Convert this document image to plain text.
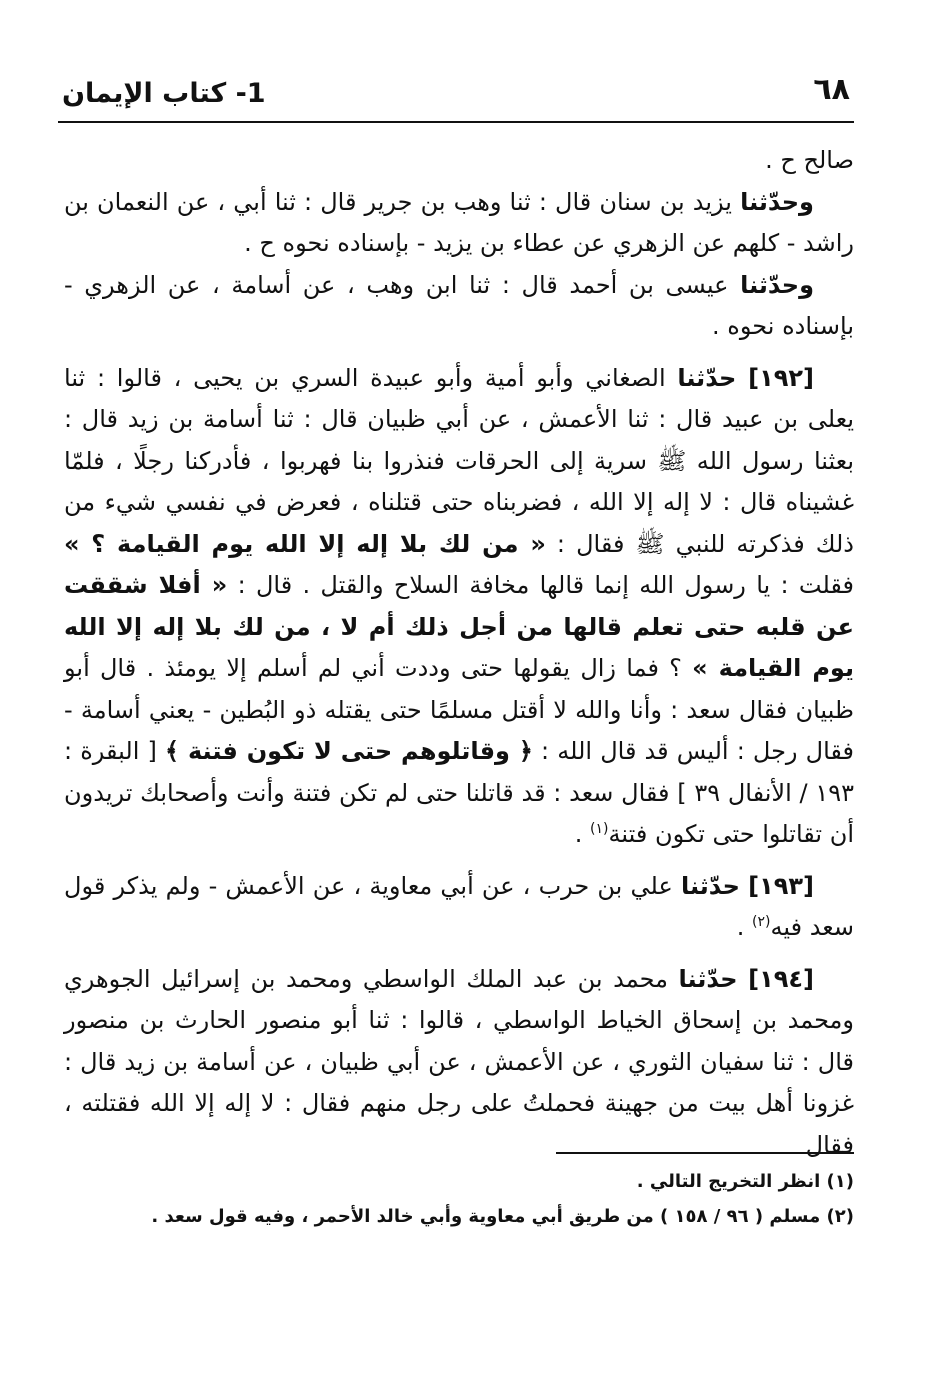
٦٨
1- كتاب الإيمان

صالح ح .

وحدّثنا يزيد بن سنان قال : ثنا وهب بن جرير قال : ثنا أبي ، عن النعمان بن راشد - كلهم عن الزهري عن عطاء بن يزيد - بإسناده نحوه ح .

وحدّثنا عيسى بن أحمد قال : ثنا ابن وهب ، عن أسامة ، عن الزهري - بإسناده نحوه .

[١٩٢] حدّثنا الصغاني وأبو أمية وأبو عبيدة السري بن يحيى ، قالوا : ثنا يعلى بن عبيد قال : ثنا الأعمش ، عن أبي ظبيان قال : ثنا أسامة بن زيد قال : بعثنا رسول الله ﷺ سرية إلى الحرقات فنذروا بنا فهربوا ، فأدركنا رجلًا ، فلمّا غشيناه قال : لا إله إلا الله ، فضربناه حتى قتلناه ، فعرض في نفسي شيء من ذلك فذكرته للنبي ﷺ فقال : « من لك بلا إله إلا الله يوم القيامة ؟ » فقلت : يا رسول الله إنما قالها مخافة السلاح والقتل . قال : « أفلا شققت عن قلبه حتى تعلم قالها من أجل ذلك أم لا ، من لك بلا إله إلا الله يوم القيامة » ؟ فما زال يقولها حتى وددت أني لم أسلم إلا يومئذ . قال أبو ظبيان فقال سعد : وأنا والله لا أقتل مسلمًا حتى يقتله ذو البُطين - يعني أسامة - فقال رجل : أليس قد قال الله : ﴿ وقاتلوهم حتى لا تكون فتنة ﴾ [ البقرة : ١٩٣ / الأنفال ٣٩ ] فقال سعد : قد قاتلنا حتى لم تكن فتنة وأنت وأصحابك تريدون أن تقاتلوا حتى تكون فتنة$^{(١)}$ .

[١٩٣] حدّثنا علي بن حرب ، عن أبي معاوية ، عن الأعمش - ولم يذكر قول سعد فيه$^{(٢)}$ .

[١٩٤] حدّثنا محمد بن عبد الملك الواسطي ومحمد بن إسرائيل الجوهري ومحمد بن إسحاق الخياط الواسطي ، قالوا : ثنا أبو منصور الحارث بن منصور قال : ثنا سفيان الثوري ، عن الأعمش ، عن أبي ظبيان ، عن أسامة بن زيد قال : غزونا أهل بيت من جهينة فحملتُ على رجل منهم فقال : لا إله إلا الله فقتلته ، فقال

(١) انظر التخريج التالي .

(٢) مسلم ( ٩٦ / ١٥٨ ) من طريق أبي معاوية وأبي خالد الأحمر ، وفيه قول سعد .
